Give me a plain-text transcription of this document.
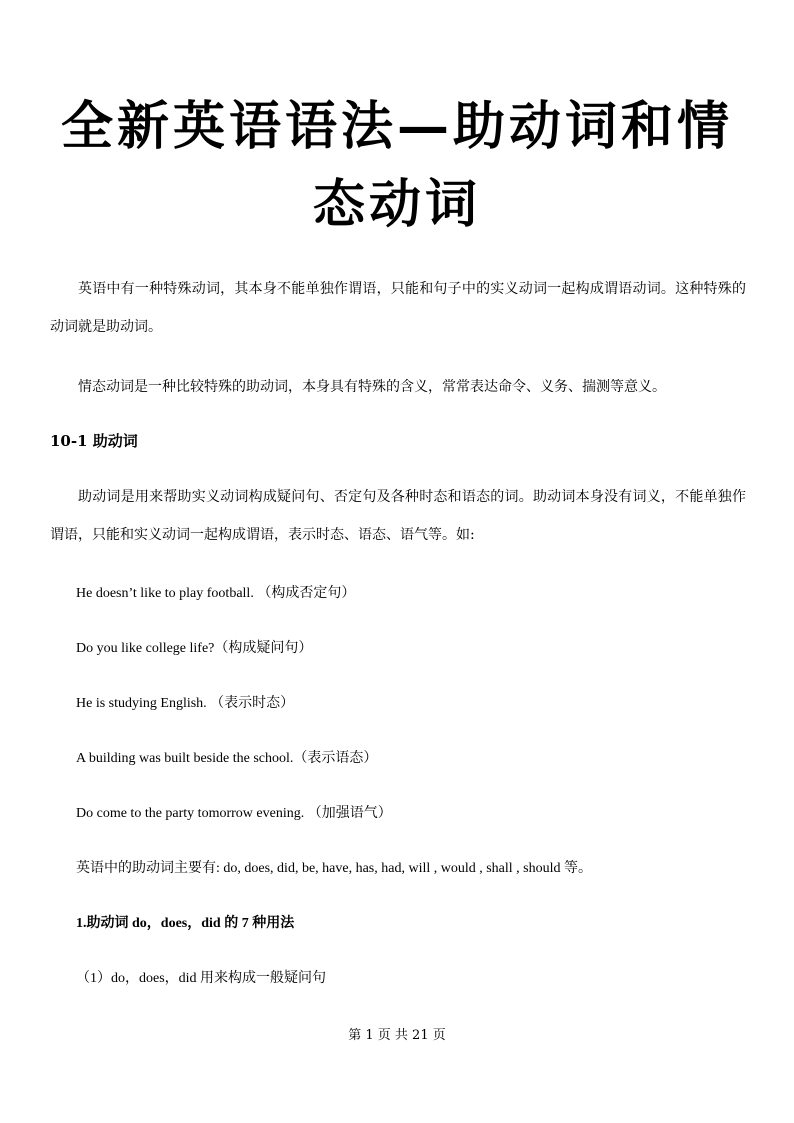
全新英语语法—助动词和情态动词

英语中有一种特殊动词，其本身不能单独作谓语，只能和句子中的实义动词一起构成谓语动词。这种特殊的动词就是助动词。

情态动词是一种比较特殊的助动词，本身具有特殊的含义，常常表达命令、义务、揣测等意义。

10-1 助动词

助动词是用来帮助实义动词构成疑问句、否定句及各种时态和语态的词。助动词本身没有词义，不能单独作谓语，只能和实义动词一起构成谓语，表示时态、语态、语气等。如:

He doesn’t like to play football. （构成否定句）

Do you like college life?（构成疑问句）

He is studying English. （表示时态）

A building was built beside the school.（表示语态）

Do come to the party tomorrow evening. （加强语气）

英语中的助动词主要有: do, does, did, be, have, has, had, will , would , shall , should 等。

1.助动词 do，does，did 的 7 种用法

（1）do，does，did 用来构成一般疑问句

第 1 页 共 21 页
